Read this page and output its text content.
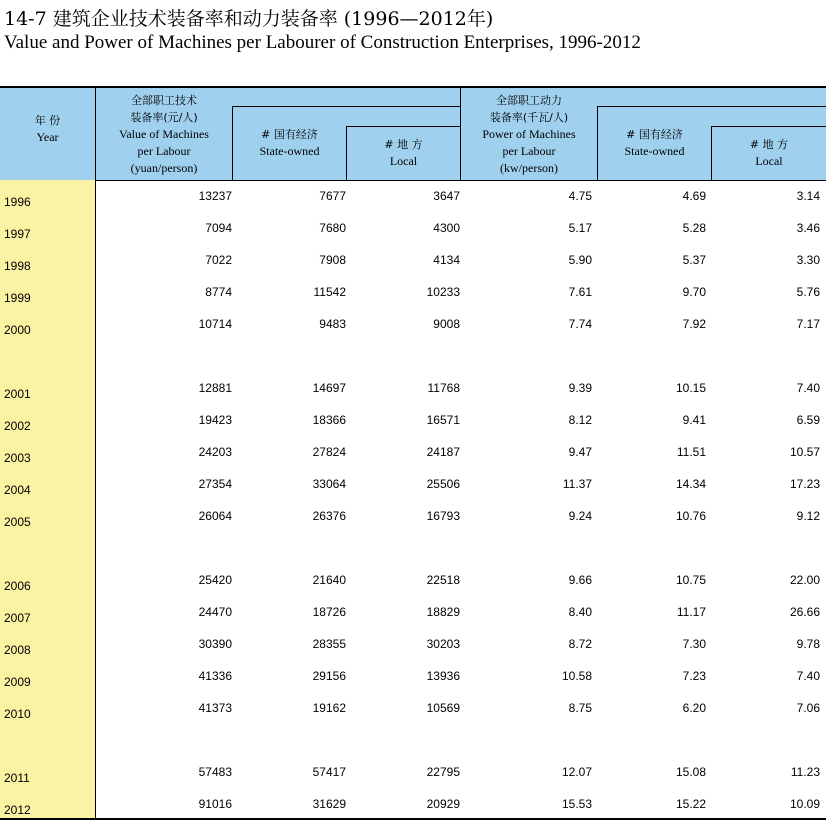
14-7 建筑企业技术装备率和动力装备率 (1996—2012年)
Value and Power of Machines per Labourer of Construction Enterprises, 1996-2012
年 份
Year
全部职工技术
装备率(元/人)
Value of Machines
per Labour
(yuan/person)
# 国有经济
State-owned	# 地 方
Local
全部职工动力
装备率(千瓦/人)
Power of Machines
per Labour
(kw/person)
# 国有经济
State-owned	# 地 方
Local
1996	13237	7677	3647	4.75	4.69	3.14
1997	7094	7680	4300	5.17	5.28	3.46
1998	7022	7908	4134	5.90	5.37	3.30
1999	8774	11542	10233	7.61	9.70	5.76
2000	10714	9483	9008	7.74	7.92	7.17
2001	12881	14697	11768	9.39	10.15	7.40
2002	19423	18366	16571	8.12	9.41	6.59
2003	24203	27824	24187	9.47	11.51	10.57
2004	27354	33064	25506	11.37	14.34	17.23
2005	26064	26376	16793	9.24	10.76	9.12
2006	25420	21640	22518	9.66	10.75	22.00
2007	24470	18726	18829	8.40	11.17	26.66
2008	30390	28355	30203	8.72	7.30	9.78
2009	41336	29156	13936	10.58	7.23	7.40
2010	41373	19162	10569	8.75	6.20	7.06
2011	57483	57417	22795	12.07	15.08	11.23
2012	91016	31629	20929	15.53	15.22	10.09
